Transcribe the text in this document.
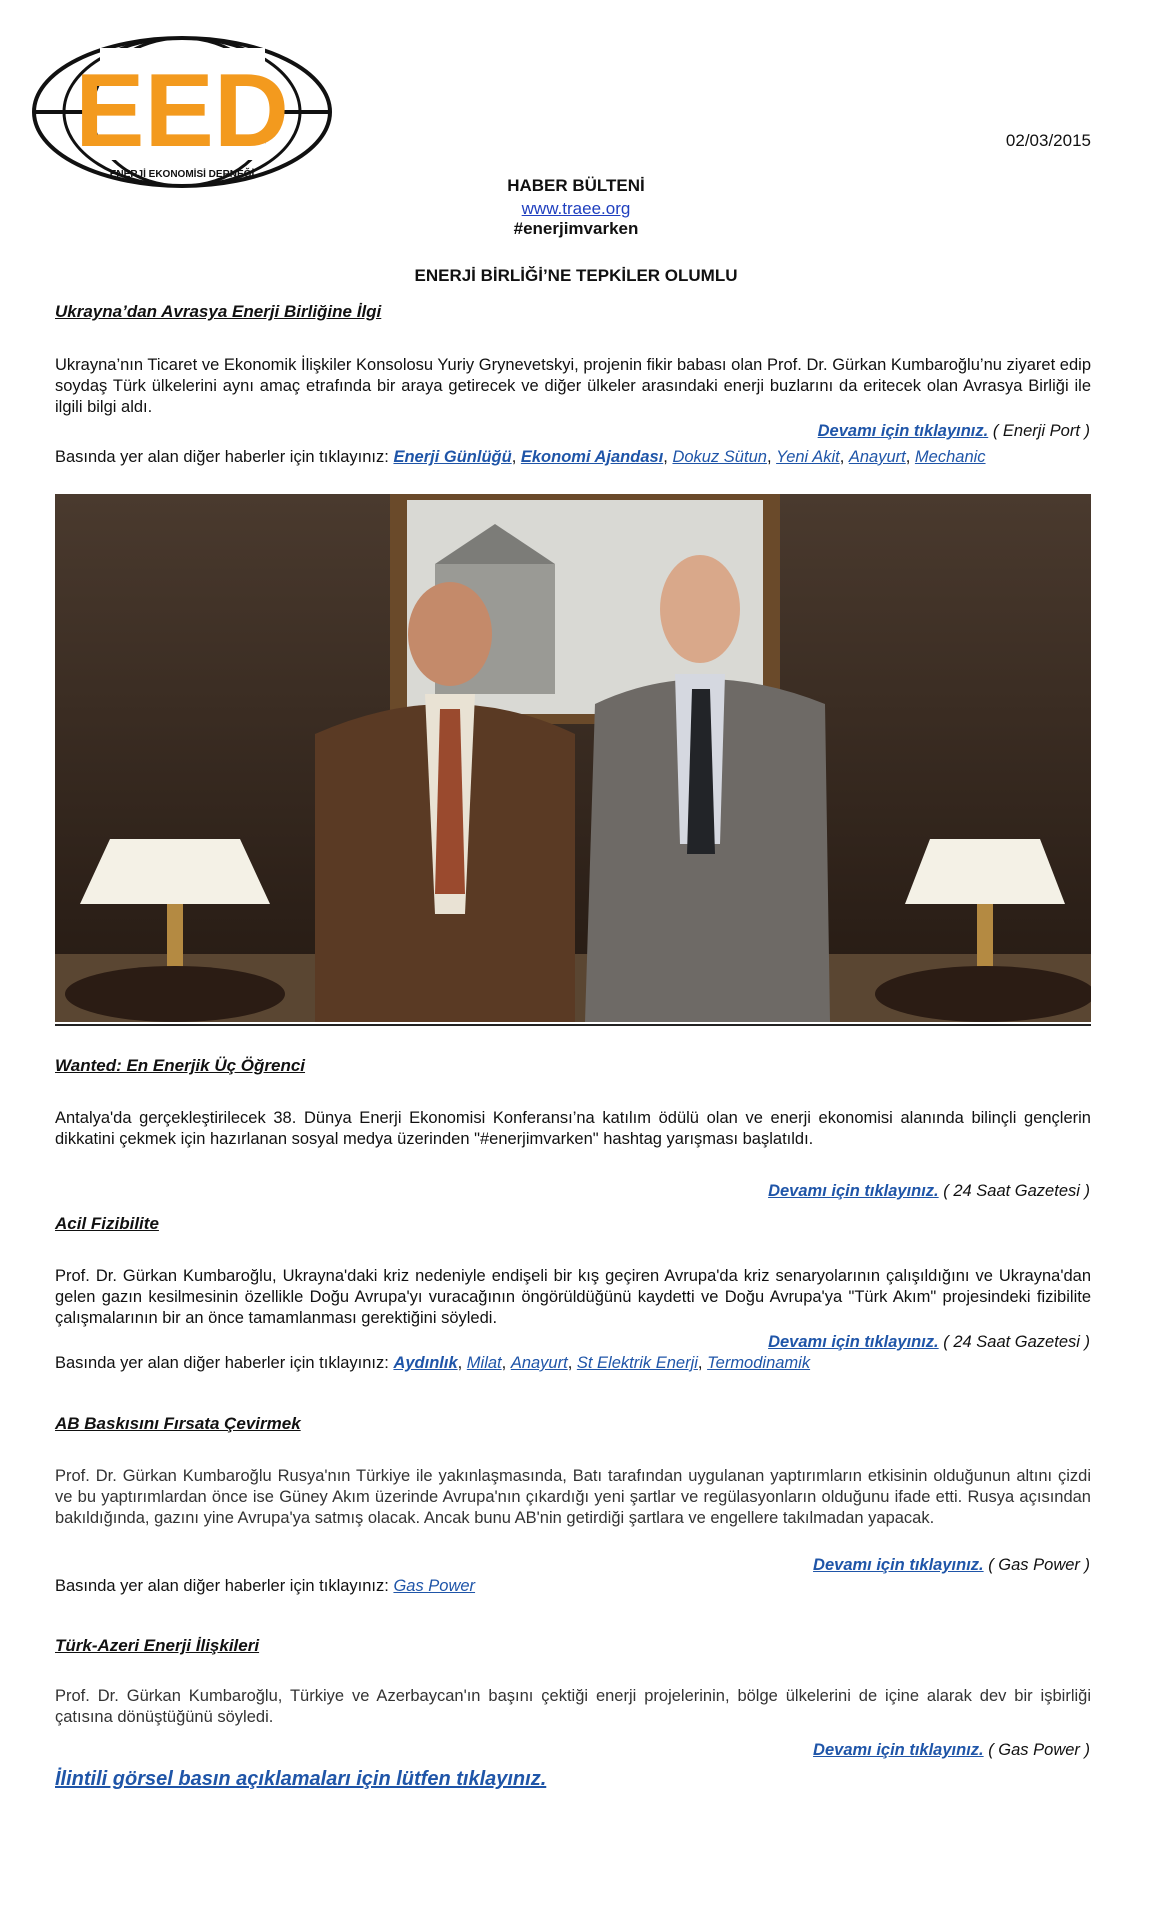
EED
ENERJİ EKONOMİSİ DERNEĞİ
02/03/2015
HABER BÜLTENİ
www.traee.org
#enerjimvarken
ENERJİ BİRLİĞİ’NE TEPKİLER OLUMLU
Ukrayna’dan Avrasya Enerji Birliğine İlgi
Ukrayna’nın Ticaret ve Ekonomik İlişkiler Konsolosu Yuriy Grynevetskyi, projenin fikir babası olan Prof. Dr. Gürkan Kumbaroğlu’nu ziyaret edip soydaş Türk ülkelerini aynı amaç etrafında bir araya getirecek ve diğer ülkeler arasındaki enerji buzlarını da eritecek olan Avrasya Birliği ile ilgili bilgi aldı.
Devamı için tıklayınız. ( Enerji Port )
Basında yer alan diğer haberler için tıklayınız: Enerji Günlüğü, Ekonomi Ajandası, Dokuz Sütun, Yeni Akit, Anayurt, Mechanic
Wanted: En Enerjik Üç Öğrenci
Antalya'da gerçekleştirilecek 38. Dünya Enerji Ekonomisi Konferansı’na katılım ödülü olan ve enerji ekonomisi alanında bilinçli gençlerin dikkatini çekmek için hazırlanan sosyal medya üzerinden "#enerjimvarken" hashtag yarışması başlatıldı.
Devamı için tıklayınız. ( 24 Saat Gazetesi )
Acil Fizibilite
Prof. Dr. Gürkan Kumbaroğlu, Ukrayna'daki kriz nedeniyle endişeli bir kış geçiren Avrupa'da kriz senaryolarının çalışıldığını ve Ukrayna'dan gelen gazın kesilmesinin özellikle Doğu Avrupa'yı vuracağının öngörüldüğünü kaydetti ve Doğu Avrupa'ya "Türk Akım" projesindeki fizibilite çalışmalarının bir an önce tamamlanması gerektiğini söyledi.
Devamı için tıklayınız. ( 24 Saat Gazetesi )
Basında yer alan diğer haberler için tıklayınız: Aydınlık, Milat, Anayurt, St Elektrik Enerji, Termodinamik
AB Baskısını Fırsata Çevirmek
Prof. Dr. Gürkan Kumbaroğlu Rusya'nın Türkiye ile yakınlaşmasında, Batı tarafından uygulanan yaptırımların etkisinin olduğunun altını çizdi ve bu yaptırımlardan önce ise Güney Akım üzerinde Avrupa'nın çıkardığı yeni şartlar ve regülasyonların olduğunu ifade etti. Rusya açısından bakıldığında, gazını yine Avrupa'ya satmış olacak. Ancak bunu AB'nin getirdiği şartlara ve engellere takılmadan yapacak.
Devamı için tıklayınız. ( Gas Power )
Basında yer alan diğer haberler için tıklayınız: Gas Power
Türk-Azeri Enerji İlişkileri
Prof. Dr. Gürkan Kumbaroğlu, Türkiye ve Azerbaycan'ın başını çektiği enerji projelerinin, bölge ülkelerini de içine alarak dev bir işbirliği çatısına dönüştüğünü söyledi.
Devamı için tıklayınız. ( Gas Power )
İlintili görsel basın açıklamaları için lütfen tıklayınız.
